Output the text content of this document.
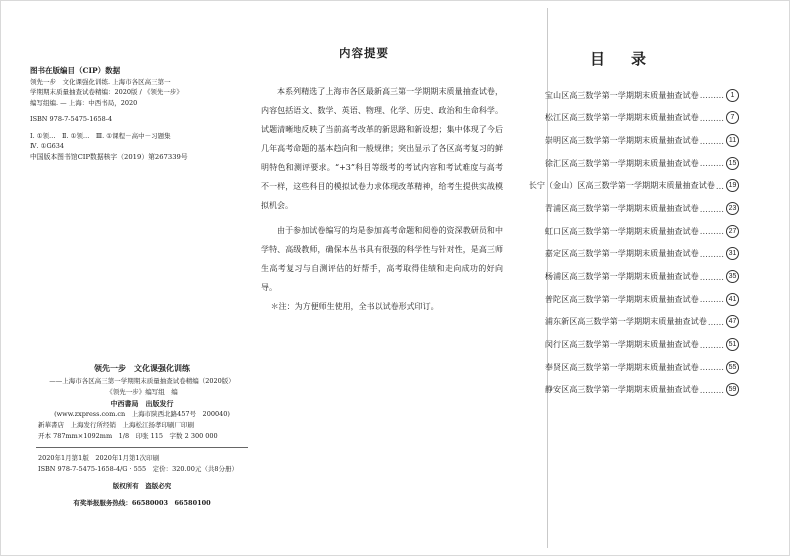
图书在版编目（CIP）数据

领先一步　文化课强化训练. 上海市各区高三第一

学期期末质量抽查试卷精编：2020版 / 《领先一步》

编写组编. — 上海：中西书局，2020

ISBN 978-7-5475-1658-4

Ⅰ. ①领…　Ⅱ. ①领…　Ⅲ. ①课程－高中－习题集

Ⅳ. ①G634

中国版本图书馆CIP数据核字（2019）第267339号

领先一步　文化课强化训练

——上海市各区高三第一学期期末质量抽查试卷精编（2020版）

《领先一步》编写组　编

中西書局　出版发行

(www.zxpress.com.cn　上海市陕西北路457号　200040)

新華書店　上海发行所经销　上海松江扬孝印刷厂印刷

开本 787mm×1092mm　1/8　印张 115　字数 2 300 000

2020年1月第1版　2020年1月第1次印刷

ISBN 978-7-5475-1658-4/G · 555　定价：320.00元（共8分册）

版权所有　盗版必究

有奖举报服务热线：66580003　66580100

内容提要

本系列精选了上海市各区最新高三第一学期期末质量抽查试卷，内容包括语文、数学、英语、物理、化学、历史、政治和生命科学。试题清晰地反映了当前高考改革的新思路和新设想；集中体现了今后几年高考命题的基本趋向和一般规律；突出显示了各区高考复习的鲜明特色和测评要求。“+3”科目等级考的考试内容和考试难度与高考不一样，这些科目的模拟试卷力求体现改革精神，给考生提供实战模拟机会。

由于参加试卷编写的均是参加高考命题和阅卷的资深教研员和中学特、高级教师，确保本丛书具有很强的科学性与针对性，是高三师生高考复习与自测评估的好帮手，高考取得佳绩和走向成功的好向导。

＊注：为方便师生使用，全书以试卷形式印订。

目录
宝山区高三数学第一学期期末质量抽查试卷 ……… 1
松江区高三数学第一学期期末质量抽查试卷 ……… 7
崇明区高三数学第一学期期末质量抽查试卷 ……… 11
徐汇区高三数学第一学期期末质量抽查试卷 ……… 15
长宁（金山）区高三数学第一学期期末质量抽查试卷 … 19
青浦区高三数学第一学期期末质量抽查试卷 ……… 23
虹口区高三数学第一学期期末质量抽查试卷 ……… 27
嘉定区高三数学第一学期期末质量抽查试卷 ……… 31
杨浦区高三数学第一学期期末质量抽查试卷 ……… 35
普陀区高三数学第一学期期末质量抽查试卷 ……… 41
浦东新区高三数学第一学期期末质量抽查试卷 …… 47
闵行区高三数学第一学期期末质量抽查试卷 ……… 51
奉贤区高三数学第一学期期末质量抽查试卷 ……… 55
静安区高三数学第一学期期末质量抽查试卷 ……… 59
